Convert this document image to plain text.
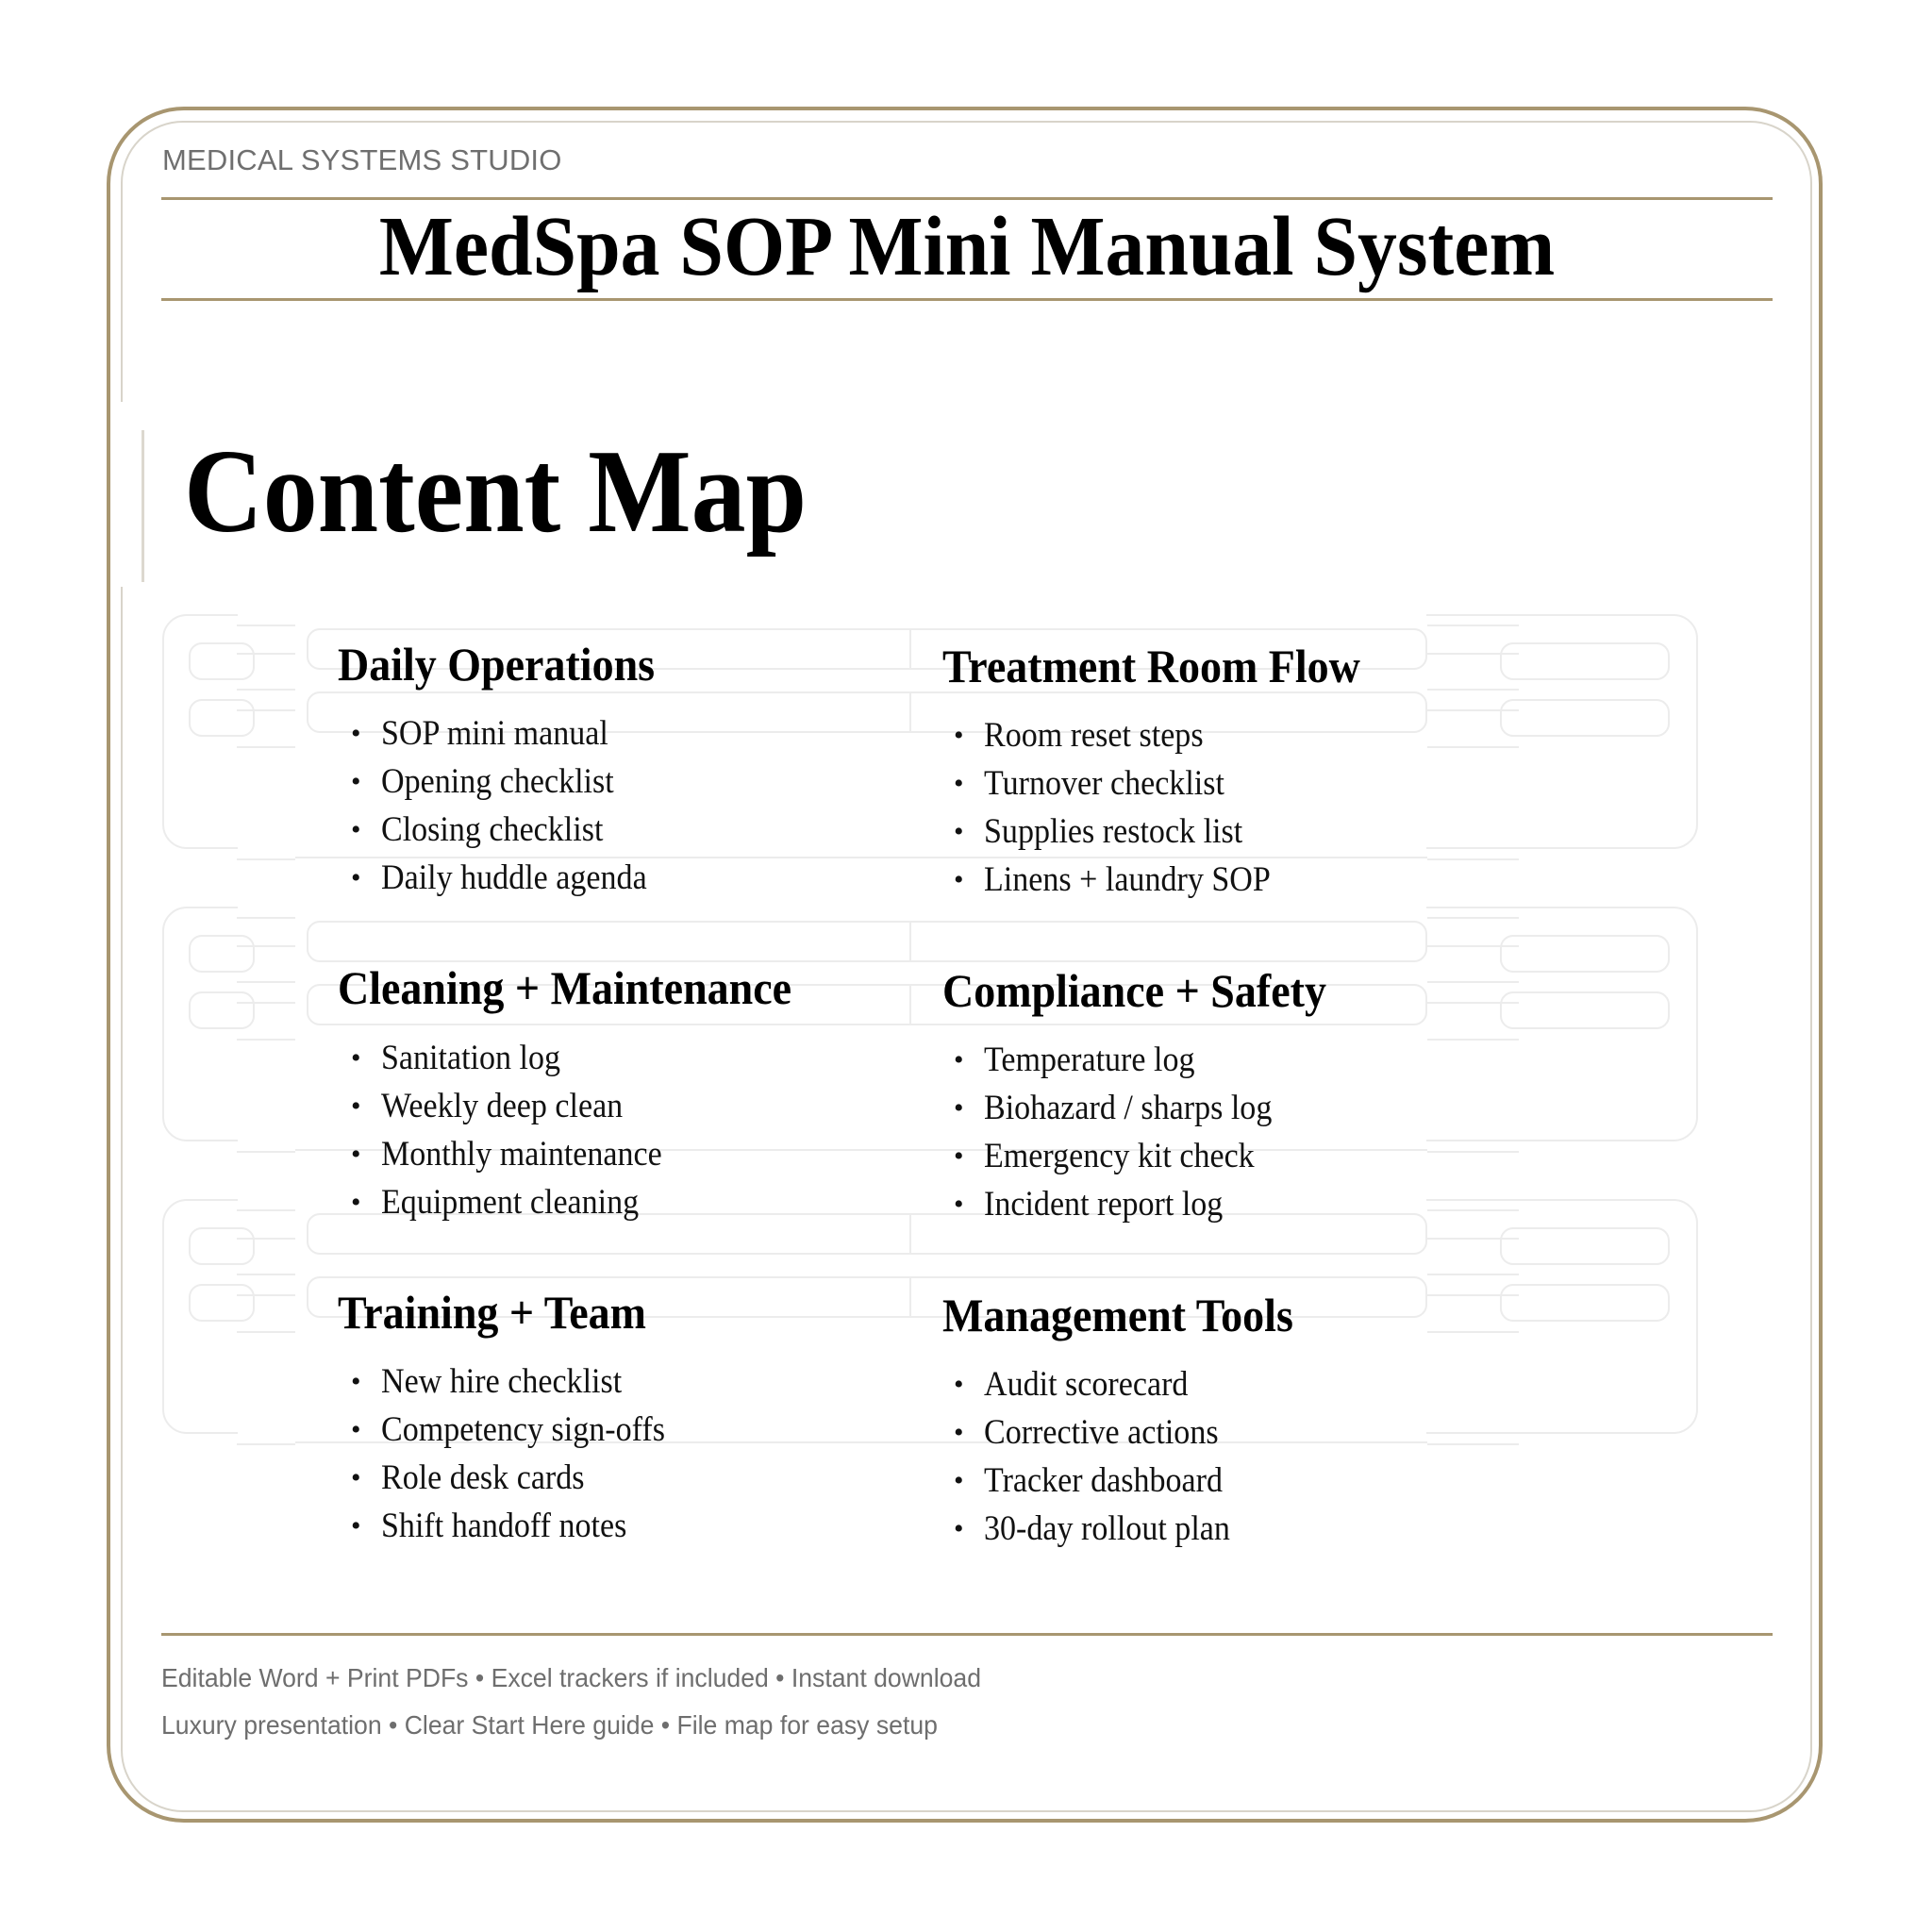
MEDICAL SYSTEMS STUDIO
MedSpa SOP Mini Manual System
Content Map
Daily Operations
• SOP mini manual
• Opening checklist
• Closing checklist
• Daily huddle agenda
Treatment Room Flow
• Room reset steps
• Turnover checklist
• Supplies restock list
• Linens + laundry SOP
Cleaning + Maintenance
• Sanitation log
• Weekly deep clean
• Monthly maintenance
• Equipment cleaning
Compliance + Safety
• Temperature log
• Biohazard / sharps log
• Emergency kit check
• Incident report log
Training + Team
• New hire checklist
• Competency sign-offs
• Role desk cards
• Shift handoff notes
Management Tools
• Audit scorecard
• Corrective actions
• Tracker dashboard
• 30-day rollout plan
Editable Word + Print PDFs • Excel trackers if included • Instant download
Luxury presentation • Clear Start Here guide • File map for easy setup
